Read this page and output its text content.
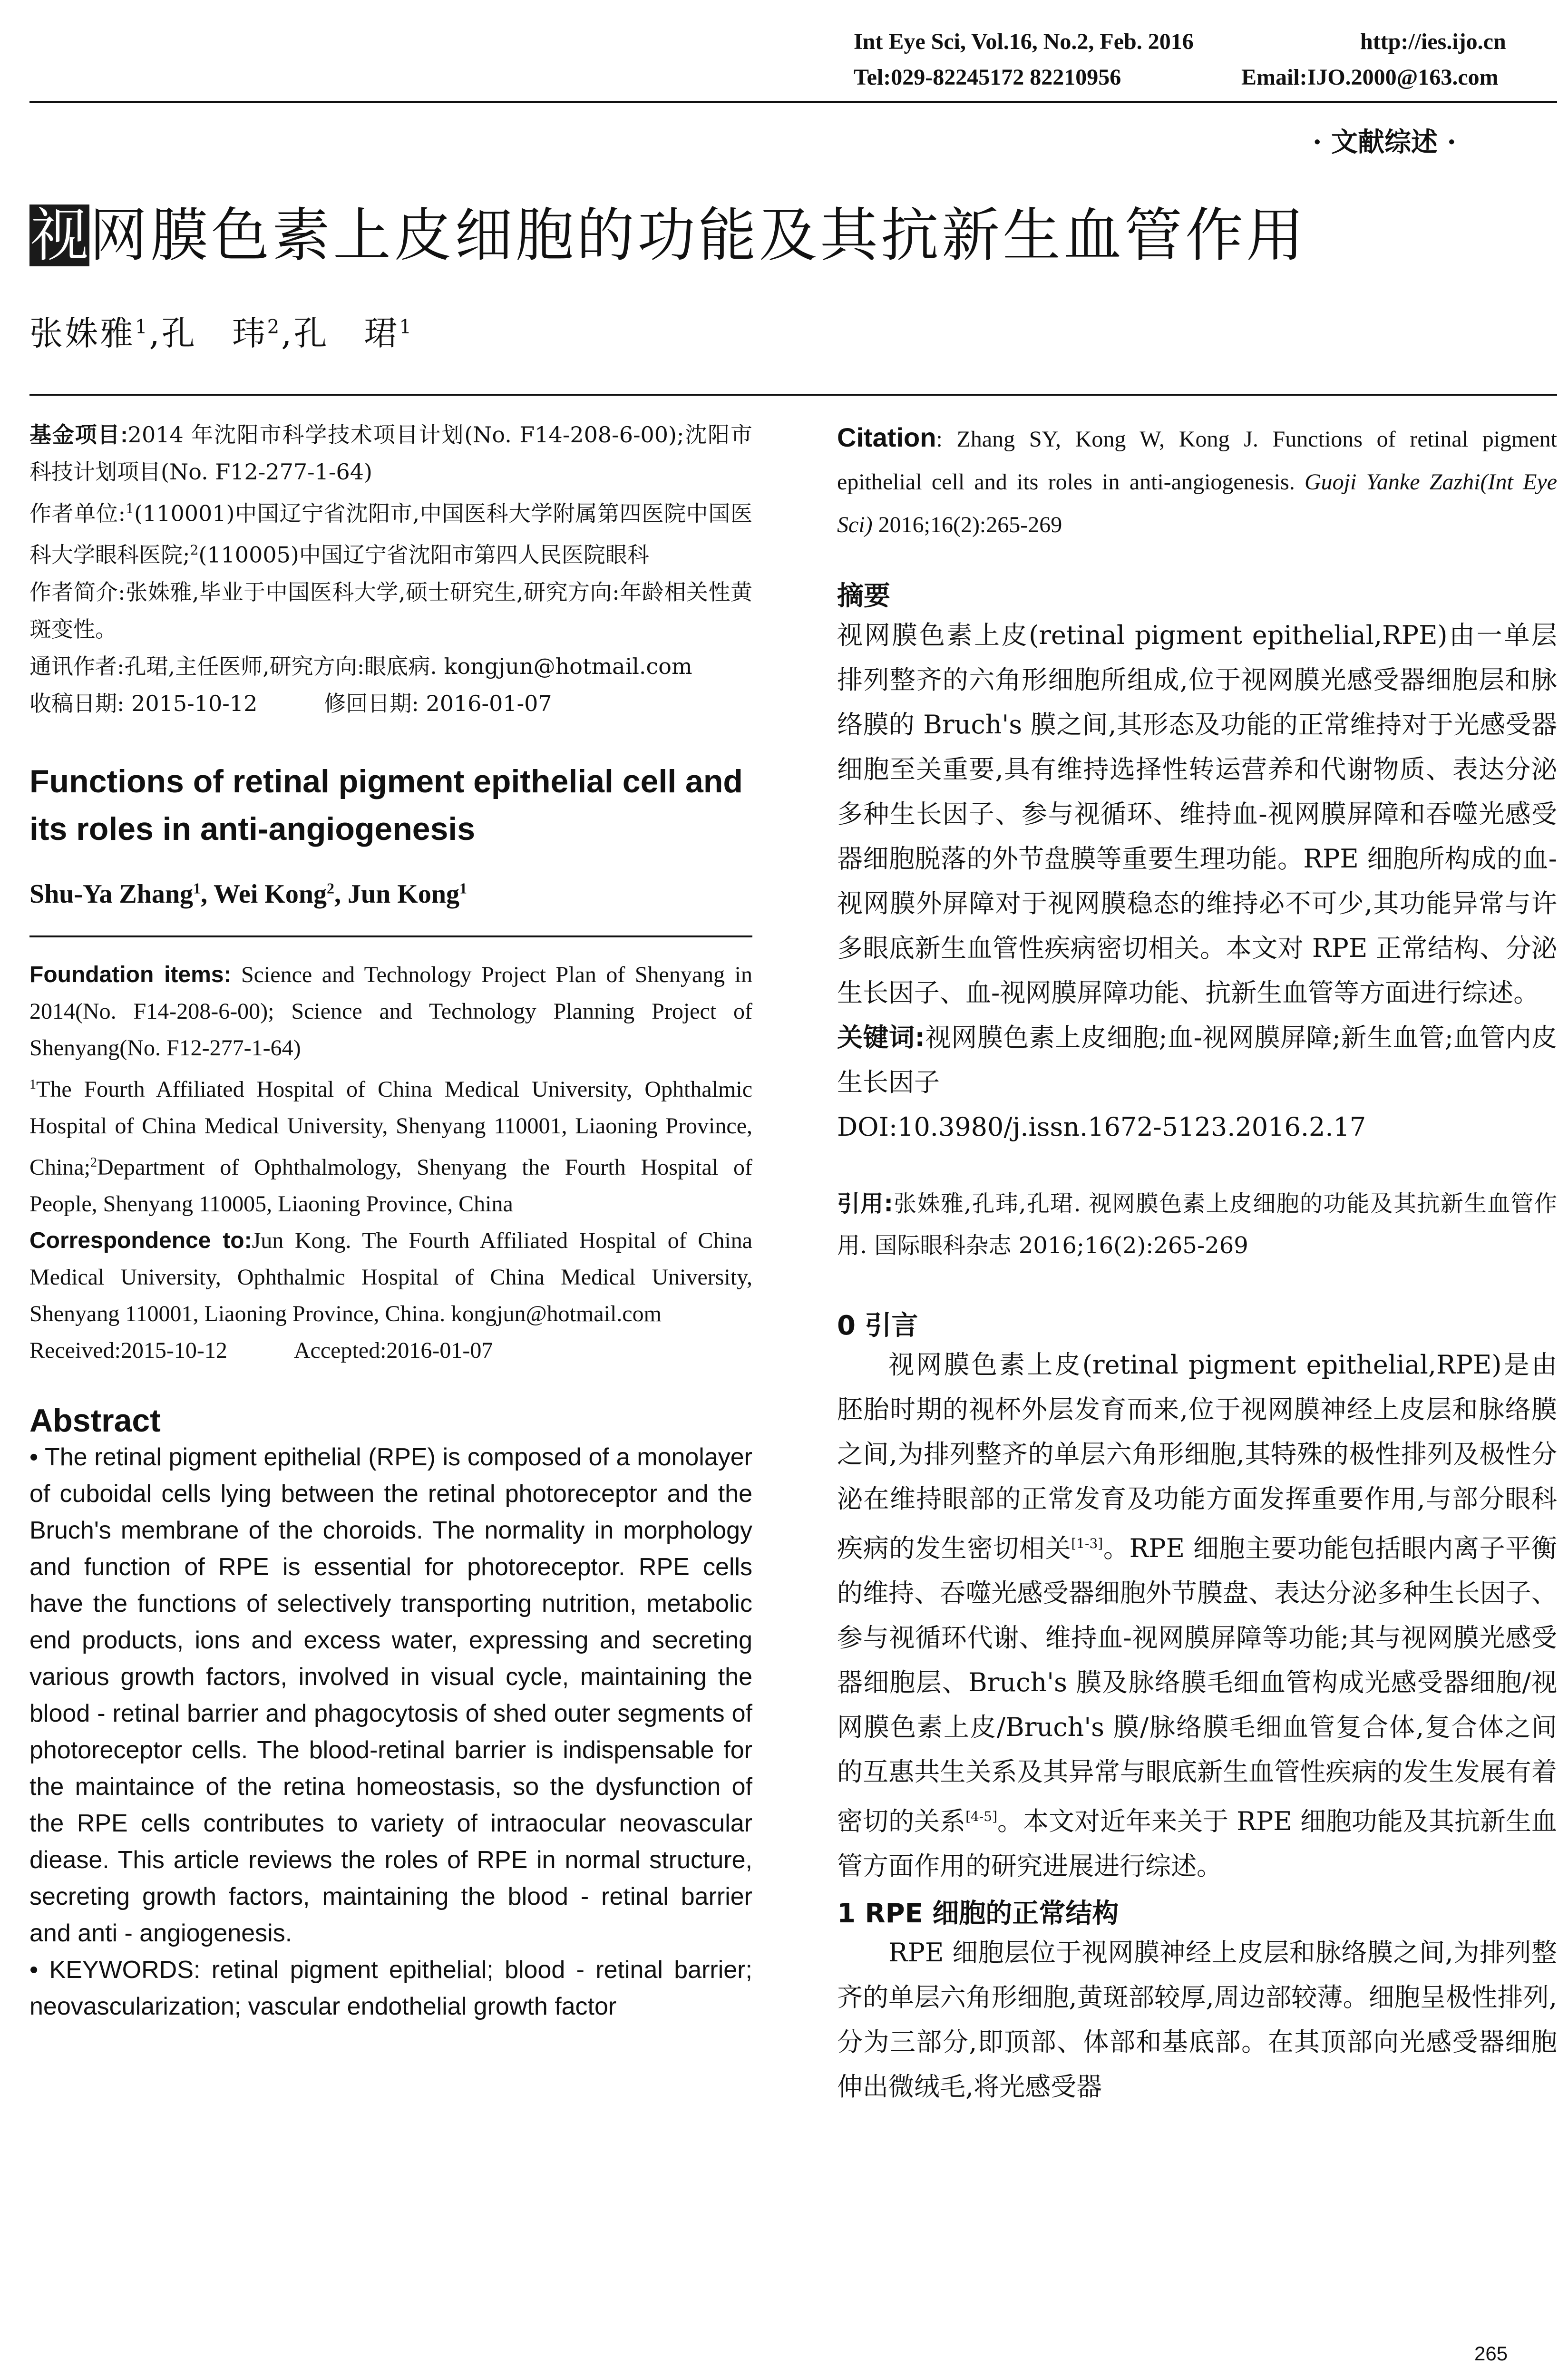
Int Eye Sci, Vol.16, No.2, Feb. 2016	http://ies.ijo.cn
Tel:029-82245172 82210956	Email:IJO.2000@163.com
· 文献综述 ·
视 网膜色素上皮细胞的功能及其抗新生血管作用
张姝雅$^1$,孔　玮$^2$,孔　珺$^1$
基金项目:2014 年沈阳市科学技术项目计划(No. F14-208-6-00);沈阳市科技计划项目(No. F12-277-1-64)
作者单位:$^1$(110001)中国辽宁省沈阳市,中国医科大学附属第四医院中国医科大学眼科医院;$^2$(110005)中国辽宁省沈阳市第四人民医院眼科
作者简介:张姝雅,毕业于中国医科大学,硕士研究生,研究方向:年龄相关性黄斑变性。
通讯作者:孔珺,主任医师,研究方向:眼底病. kongjun@hotmail.com
收稿日期: 2015-10-12	修回日期: 2016-01-07
Functions of retinal pigment epithelial cell and its roles in anti-angiogenesis
Shu-Ya Zhang$^1$, Wei Kong$^2$, Jun Kong$^1$
Foundation items: Science and Technology Project Plan of Shenyang in 2014(No. F14-208-6-00); Science and Technology Planning Project of Shenyang(No. F12-277-1-64)
$^1$The Fourth Affiliated Hospital of China Medical University, Ophthalmic Hospital of China Medical University, Shenyang 110001, Liaoning Province, China;$^2$Department of Ophthalmology, Shenyang the Fourth Hospital of People, Shenyang 110005, Liaoning Province, China
Correspondence to:Jun Kong. The Fourth Affiliated Hospital of China Medical University, Ophthalmic Hospital of China Medical University, Shenyang 110001, Liaoning Province, China. kongjun@hotmail.com
Received:2015-10-12	Accepted:2016-01-07
Abstract
• The retinal pigment epithelial (RPE) is composed of a monolayer of cuboidal cells lying between the retinal photoreceptor and the Bruch's membrane of the choroids. The normality in morphology and function of RPE is essential for photoreceptor. RPE cells have the functions of selectively transporting nutrition, metabolic end products, ions and excess water, expressing and secreting various growth factors, involved in visual cycle, maintaining the blood - retinal barrier and phagocytosis of shed outer segments of photoreceptor cells. The blood-retinal barrier is indispensable for the maintaince of the retina homeostasis, so the dysfunction of the RPE cells contributes to variety of intraocular neovascular diease. This article reviews the roles of RPE in normal structure, secreting growth factors, maintaining the blood - retinal barrier and anti - angiogenesis.
• KEYWORDS: retinal pigment epithelial; blood - retinal barrier; neovascularization; vascular endothelial growth factor
Citation: Zhang SY, Kong W, Kong J. Functions of retinal pigment epithelial cell and its roles in anti-angiogenesis. Guoji Yanke Zazhi(Int Eye Sci) 2016;16(2):265-269
摘要
视网膜色素上皮(retinal pigment epithelial,RPE)由一单层排列整齐的六角形细胞所组成,位于视网膜光感受器细胞层和脉络膜的 Bruch's 膜之间,其形态及功能的正常维持对于光感受器细胞至关重要,具有维持选择性转运营养和代谢物质、表达分泌多种生长因子、参与视循环、维持血-视网膜屏障和吞噬光感受器细胞脱落的外节盘膜等重要生理功能。RPE 细胞所构成的血-视网膜外屏障对于视网膜稳态的维持必不可少,其功能异常与许多眼底新生血管性疾病密切相关。本文对 RPE 正常结构、分泌生长因子、血-视网膜屏障功能、抗新生血管等方面进行综述。
关键词:视网膜色素上皮细胞;血-视网膜屏障;新生血管;血管内皮生长因子
DOI:10.3980/j.issn.1672-5123.2016.2.17
引用:张姝雅,孔玮,孔珺. 视网膜色素上皮细胞的功能及其抗新生血管作用. 国际眼科杂志 2016;16(2):265-269
0 引言
视网膜色素上皮(retinal pigment epithelial,RPE)是由胚胎时期的视杯外层发育而来,位于视网膜神经上皮层和脉络膜之间,为排列整齐的单层六角形细胞,其特殊的极性排列及极性分泌在维持眼部的正常发育及功能方面发挥重要作用,与部分眼科疾病的发生密切相关[1-3]。RPE 细胞主要功能包括眼内离子平衡的维持、吞噬光感受器细胞外节膜盘、表达分泌多种生长因子、参与视循环代谢、维持血-视网膜屏障等功能;其与视网膜光感受器细胞层、Bruch's 膜及脉络膜毛细血管构成光感受器细胞/视网膜色素上皮/Bruch's 膜/脉络膜毛细血管复合体,复合体之间的互惠共生关系及其异常与眼底新生血管性疾病的发生发展有着密切的关系[4-5]。本文对近年来关于 RPE 细胞功能及其抗新生血管方面作用的研究进展进行综述。
1 RPE 细胞的正常结构
RPE 细胞层位于视网膜神经上皮层和脉络膜之间,为排列整齐的单层六角形细胞,黄斑部较厚,周边部较薄。细胞呈极性排列,分为三部分,即顶部、体部和基底部。在其顶部向光感受器细胞伸出微绒毛,将光感受器
265
